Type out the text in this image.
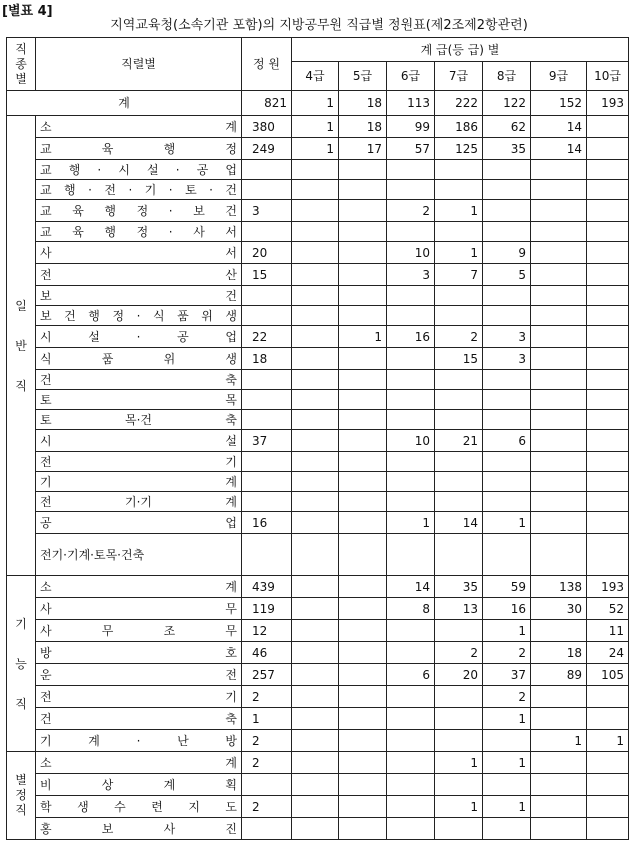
[별표 4]
지역교육청(소속기관 포함)의 지방공무원 직급별 정원표(제2조제2항관련)
직종별	직렬별	정 원	계 급(등 급) 별						
			4급	5급	6급	7급	8급	9급	10급
계		821	1	18	113	222	122	152	193
일
반
직	소 계	380	1	18	99	186	62	14	
	교 육 행 정	249	1	17	57	125	35	14	
	교 행 · 시 설 · 공 업								
	교 행 · 전 · 기 · 토 · 건								
	교 육 행 정 · 보 건	3			2	1			
	교 육 행 정 · 사 서								
	사 서	20			10	1	9		
	전 산	15			3	7	5		
	보 건								
	보 건 행 정 · 식 품 위 생								
	시 설 · 공 업	22		1	16	2	3		
	식 품 위 생	18				15	3		
	건 축								
	토 목								
	토 목·건 축								
	시 설	37			10	21	6		
	전 기								
	기 계								
	전 기·기 계								
	공 업	16			1	14	1		
	전기·기계·토목·건축								
기
능
직	소 계	439			14	35	59	138	193
	사 무	119			8	13	16	30	52
	사 무 조 무	12					1		11
	방 호	46				2	2	18	24
	운 전	257			6	20	37	89	105
	전 기	2					2		
	건 축	1					1		
	기 계 · 난 방	2						1	1
별
정
직	소 계	2				1	1		
	비 상 계 획								
	학 생 수 련 지 도	2				1	1		
	홍 보 사 진								
